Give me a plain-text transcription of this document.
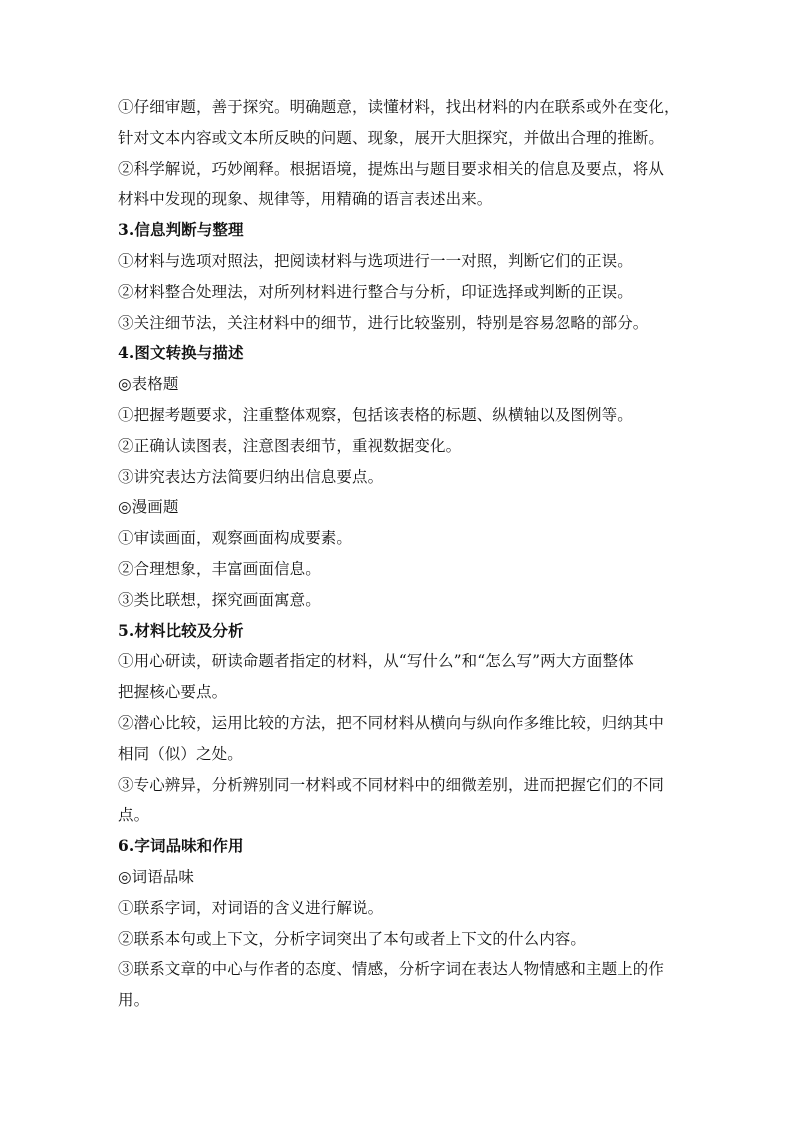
①仔细审题，善于探究。明确题意，读懂材料，找出材料的内在联系或外在变化，
针对文本内容或文本所反映的问题、现象，展开大胆探究，并做出合理的推断。
②科学解说，巧妙阐释。根据语境，提炼出与题目要求相关的信息及要点，将从
材料中发现的现象、规律等，用精确的语言表述出来。
3.信息判断与整理
①材料与选项对照法，把阅读材料与选项进行一一对照，判断它们的正误。
②材料整合处理法，对所列材料进行整合与分析，印证选择或判断的正误。
③关注细节法，关注材料中的细节，进行比较鉴别，特别是容易忽略的部分。
4.图文转换与描述
◎表格题
①把握考题要求，注重整体观察，包括该表格的标题、纵横轴以及图例等。
②正确认读图表，注意图表细节，重视数据变化。
③讲究表达方法简要归纳出信息要点。
◎漫画题
①审读画面，观察画面构成要素。
②合理想象，丰富画面信息。
③类比联想，探究画面寓意。
5.材料比较及分析
①用心研读，研读命题者指定的材料，从“写什么”和“怎么写”两大方面整体
把握核心要点。
②潜心比较，运用比较的方法，把不同材料从横向与纵向作多维比较，归纳其中
相同（似）之处。
③专心辨异，分析辨别同一材料或不同材料中的细微差别，进而把握它们的不同
点。
6.字词品味和作用
◎词语品味
①联系字词，对词语的含义进行解说。
②联系本句或上下文，分析字词突出了本句或者上下文的什么内容。
③联系文章的中心与作者的态度、情感，分析字词在表达人物情感和主题上的作
用。
